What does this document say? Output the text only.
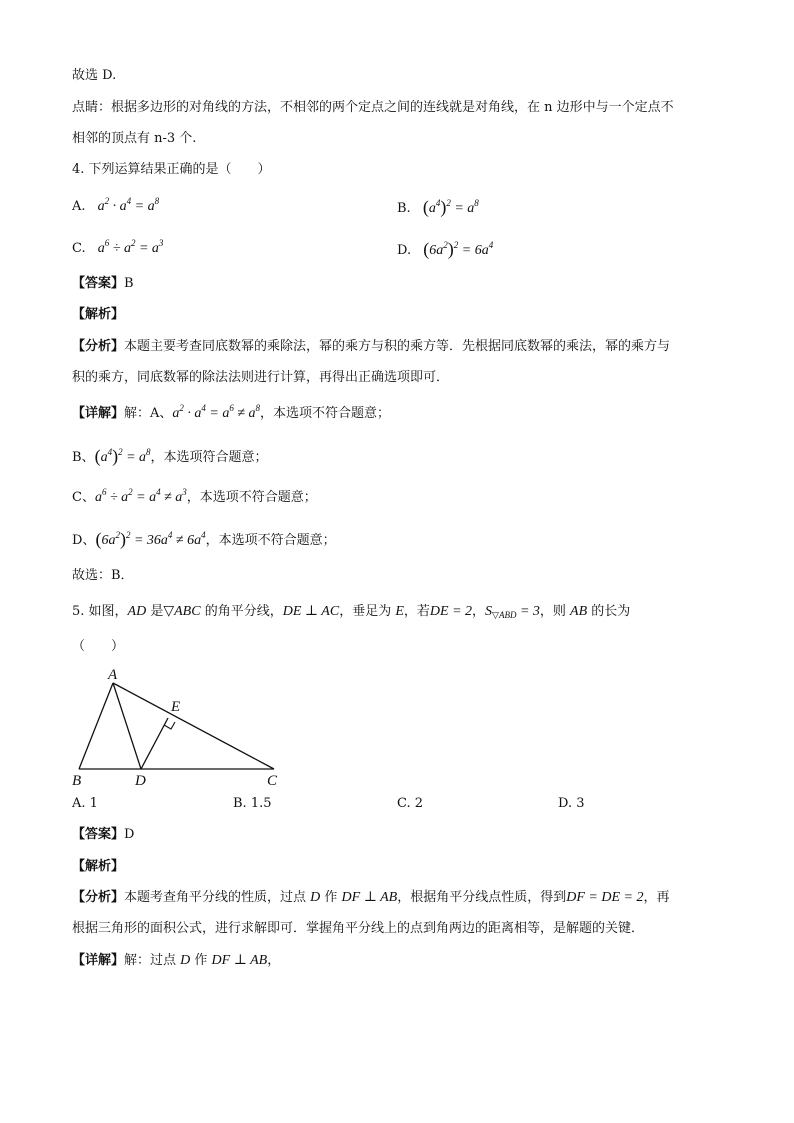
故选 D.
点睛：根据多边形的对角线的方法，不相邻的两个定点之间的连线就是对角线，在 n 边形中与一个定点不
相邻的顶点有 n-3 个.
4. 下列运算结果正确的是（　　）
A. $a^2 \cdot a^4 = a^8$	B. $(a^4)^2 = a^8$
C. $a^6 \div a^2 = a^3$	D. $(6a^2)^2 = 6a^4$
【答案】B
【解析】
【分析】本题主要考查同底数幂的乘除法，幂的乘方与积的乘方等．先根据同底数幂的乘法，幂的乘方与
积的乘方，同底数幂的除法法则进行计算，再得出正确选项即可．
【详解】解：A、$a^2 \cdot a^4 = a^6 \ne a^8$，本选项不符合题意；
B、$(a^4)^2 = a^8$，本选项符合题意；
C、$a^6 \div a^2 = a^4 \ne a^3$，本选项不符合题意；
D、$(6a^2)^2 = 36a^4 \ne 6a^4$，本选项不符合题意；
故选：B．
5. 如图，AD 是▽ABC 的角平分线，DE ⊥ AC，垂足为 E，若DE = 2，$S_{▽ABD} = 3$，则 AB 的长为
（　　）
A
B	C
D
E
A. 1	B. 1.5	C. 2	D. 3
【答案】D
【解析】
【分析】本题考查角平分线的性质，过点 D 作 DF ⊥ AB，根据角平分线点性质，得到DF = DE = 2，再
根据三角形的面积公式，进行求解即可．掌握角平分线上的点到角两边的距离相等，是解题的关键．
【详解】解：过点 D 作 DF ⊥ AB，
